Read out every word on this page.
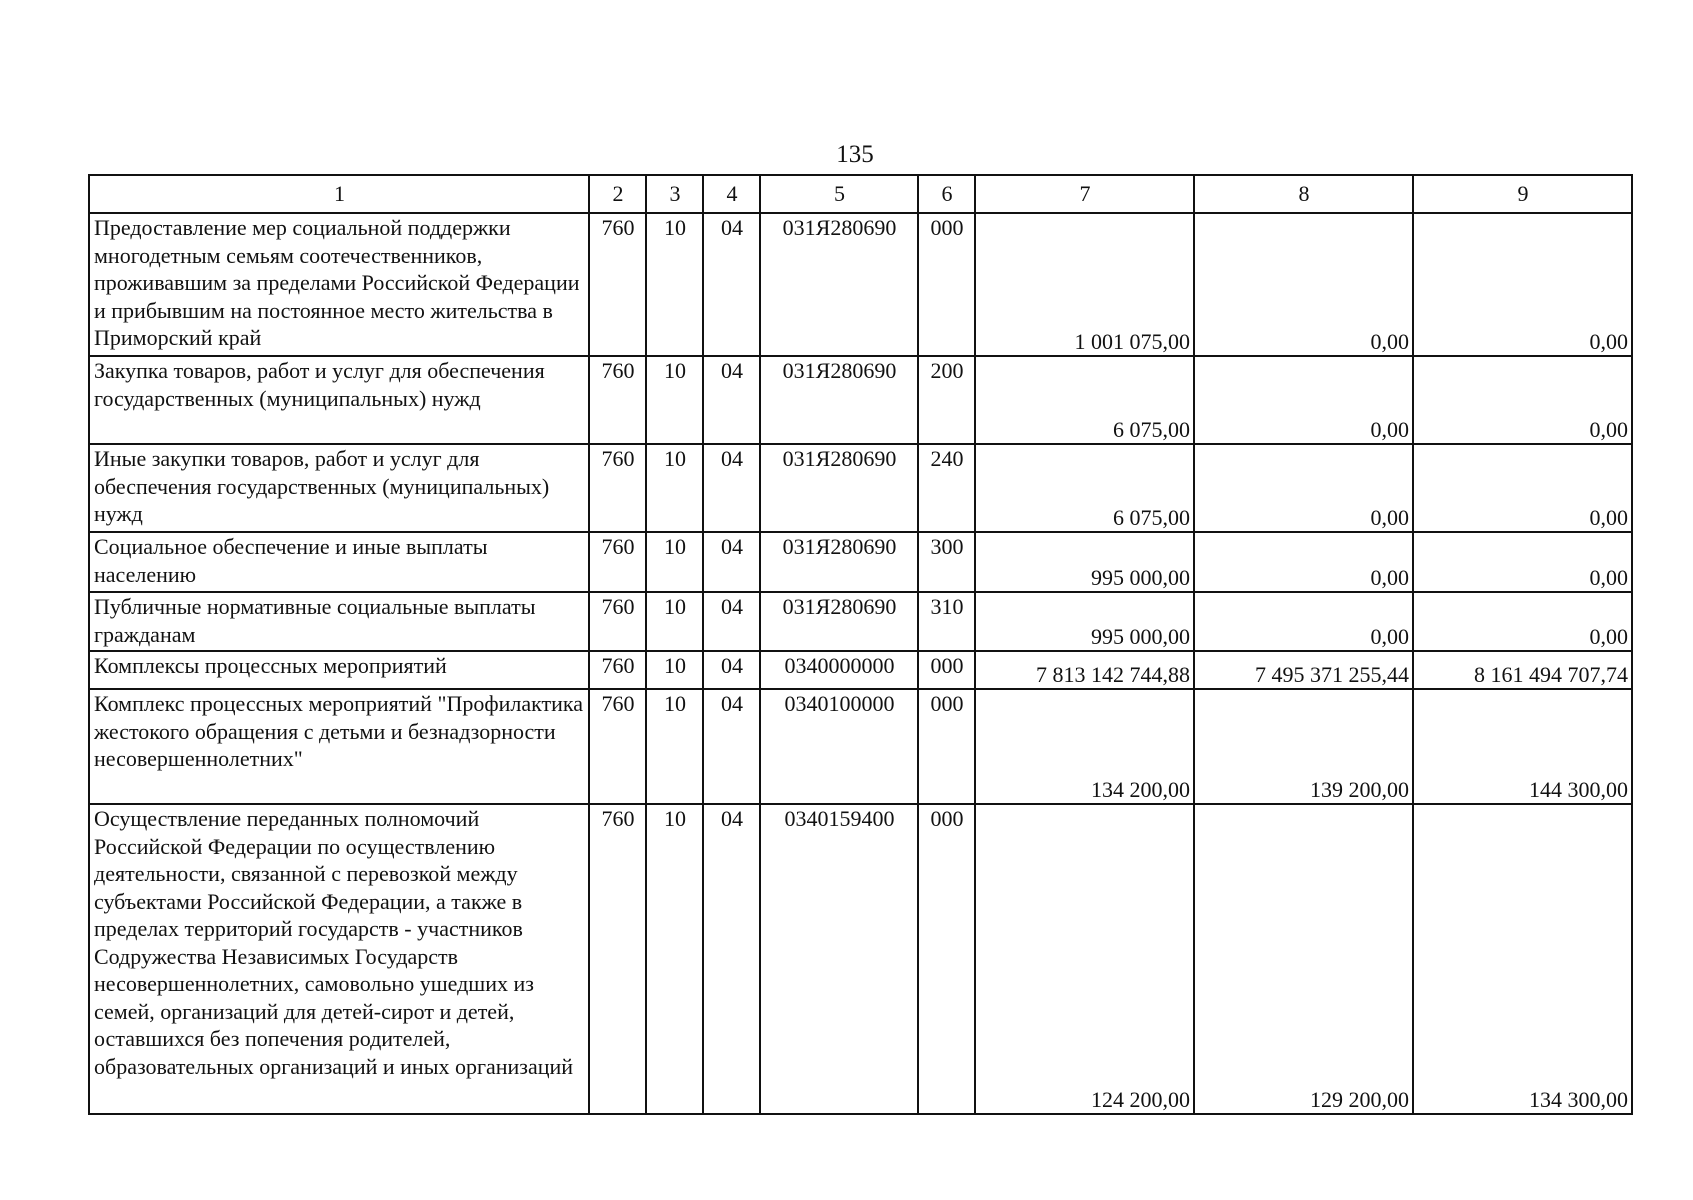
135
1	2	3	4	5	6	7	8	9
Предоставление мер социальной поддержки многодетным семьям соотечественников, проживавшим за пределами Российской Федерации и прибывшим на постоянное место жительства в Приморский край	760	10	04	031Я280690	000	1 001 075,00	0,00	0,00
Закупка товаров, работ и услуг для обеспечения государственных (муниципальных) нужд	760	10	04	031Я280690	200	6 075,00	0,00	0,00
Иные закупки товаров, работ и услуг для обеспечения государственных (муниципальных) нужд	760	10	04	031Я280690	240	6 075,00	0,00	0,00
Социальное обеспечение и иные выплаты населению	760	10	04	031Я280690	300	995 000,00	0,00	0,00
Публичные нормативные социальные выплаты гражданам	760	10	04	031Я280690	310	995 000,00	0,00	0,00
Комплексы процессных мероприятий	760	10	04	0340000000	000	7 813 142 744,88	7 495 371 255,44	8 161 494 707,74
Комплекс процессных мероприятий "Профилактика жестокого обращения с детьми и безнадзорности несовершеннолетних"	760	10	04	0340100000	000	134 200,00	139 200,00	144 300,00
Осуществление переданных полномочий Российской Федерации по осуществлению деятельности, связанной с перевозкой между субъектами Российской Федерации, а также в пределах территорий государств - участников Содружества Независимых Государств несовершеннолетних, самовольно ушедших из семей, организаций для детей-сирот и детей, оставшихся без попечения родителей, образовательных организаций и иных организаций	760	10	04	0340159400	000	124 200,00	129 200,00	134 300,00
